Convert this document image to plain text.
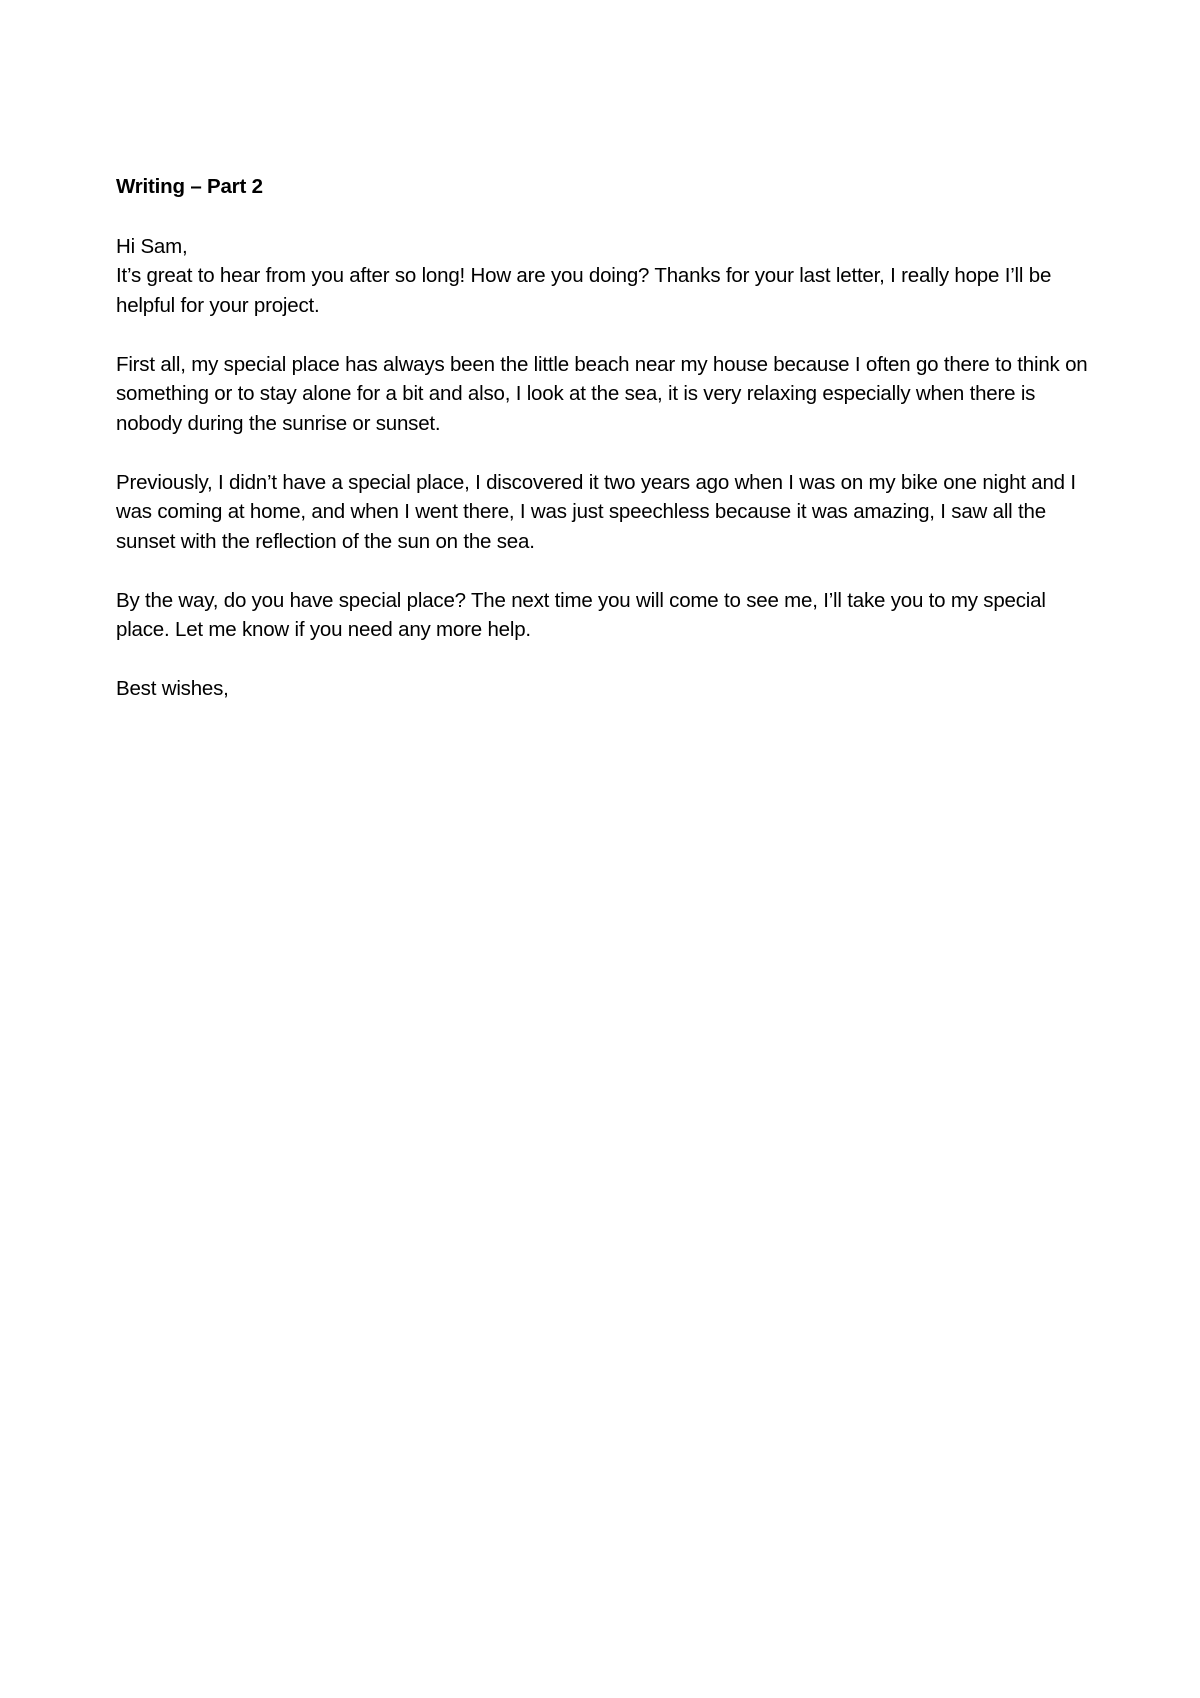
Writing – Part 2

Hi Sam,

It’s great to hear from you after so long! How are you doing? Thanks for your last letter, I really hope I’ll be helpful for your project.

First all, my special place has always been the little beach near my house because I often go there to think on something or to stay alone for a bit and also, I look at the sea, it is very relaxing especially when there is nobody during the sunrise or sunset.

Previously, I didn’t have a special place, I discovered it two years ago when I was on my bike one night and I was coming at home, and when I went there, I was just speechless because it was amazing, I saw all the sunset with the reflection of the sun on the sea.

By the way, do you have special place? The next time you will come to see me, I’ll take you to my special place. Let me know if you need any more help.

Best wishes,
